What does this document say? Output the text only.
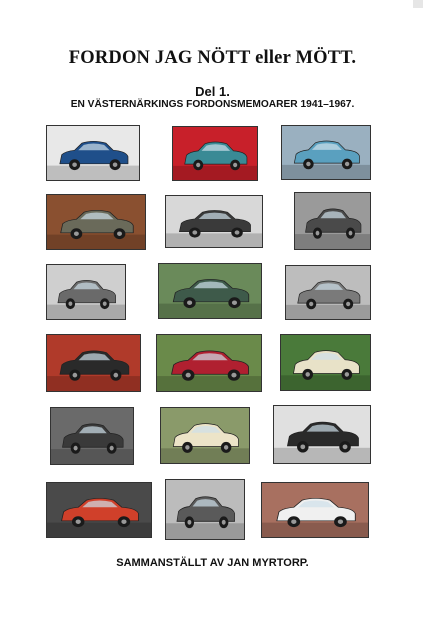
FORDON JAG NÖTT eller MÖTT.
Del 1.
EN VÄSTERNÄRKINGS FORDONSMEMOARER 1941–1967.
SAMMANSTÄLLT AV JAN MYRTORP.
